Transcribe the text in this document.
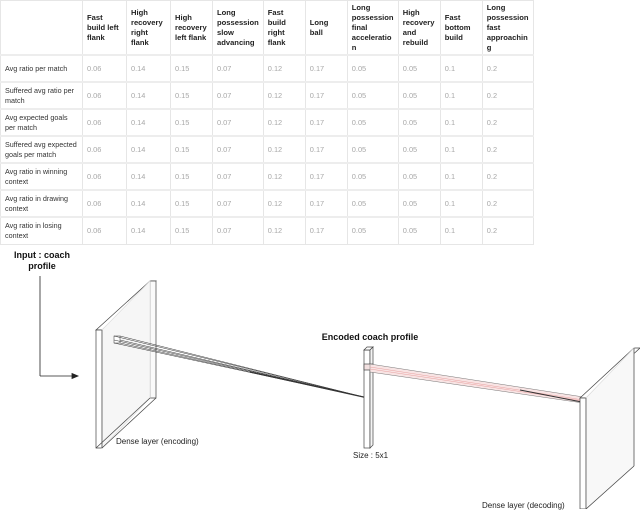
	Fast build left flank	High recovery right flank	High recovery left flank	Long possession slow advancing	Fast build right flank	Long ball	Long possession final acceleratio n	High recovery and rebuild	Fast bottom build	Long possession fast approachin g
Avg ratio per match	0.06	0.14	0.15	0.07	0.12	0.17	0.05	0.05	0.1	0.2
Suffered avg ratio per match	0.06	0.14	0.15	0.07	0.12	0.17	0.05	0.05	0.1	0.2
Avg expected goals per match	0.06	0.14	0.15	0.07	0.12	0.17	0.05	0.05	0.1	0.2
Suffered avg expected goals per match	0.06	0.14	0.15	0.07	0.12	0.17	0.05	0.05	0.1	0.2
Avg ratio in winning context	0.06	0.14	0.15	0.07	0.12	0.17	0.05	0.05	0.1	0.2
Avg ratio in drawing context	0.06	0.14	0.15	0.07	0.12	0.17	0.05	0.05	0.1	0.2
Avg ratio in losing context	0.06	0.14	0.15	0.07	0.12	0.17	0.05	0.05	0.1	0.2
Input : coach
profile
Encoded coach profile
Dense layer (encoding)
Size : 5x1
Dense layer (decoding)
